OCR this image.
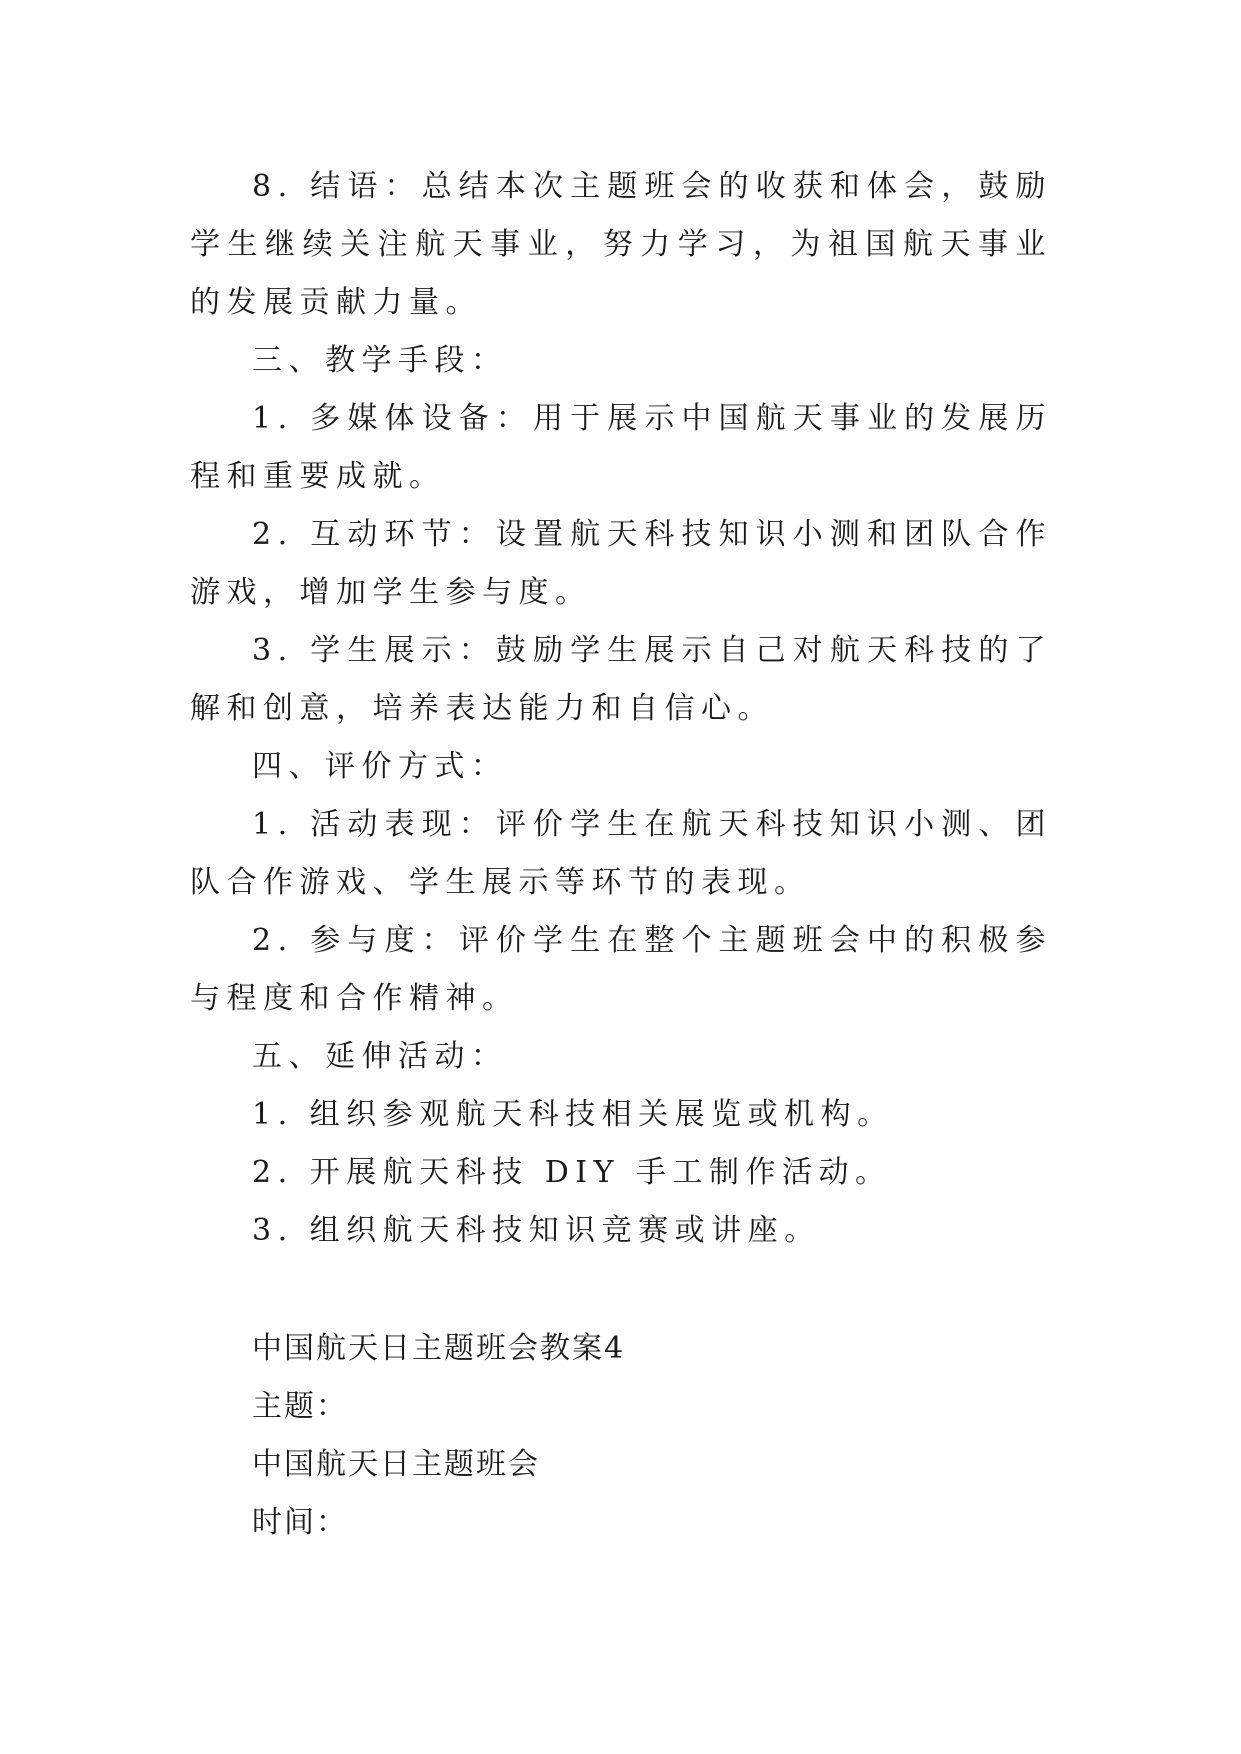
8. 结语：总结本次主题班会的收获和体会，鼓励学生继续关注航天事业，努力学习，为祖国航天事业的发展贡献力量。

三、教学手段：

1. 多媒体设备：用于展示中国航天事业的发展历程和重要成就。

2. 互动环节：设置航天科技知识小测和团队合作游戏，增加学生参与度。

3. 学生展示：鼓励学生展示自己对航天科技的了解和创意，培养表达能力和自信心。

四、评价方式：

1. 活动表现：评价学生在航天科技知识小测、团队合作游戏、学生展示等环节的表现。

2. 参与度：评价学生在整个主题班会中的积极参与程度和合作精神。

五、延伸活动：

1. 组织参观航天科技相关展览或机构。

2. 开展航天科技 DIY 手工制作活动。

3. 组织航天科技知识竞赛或讲座。

中国航天日主题班会教案4

主题：

中国航天日主题班会

时间：
